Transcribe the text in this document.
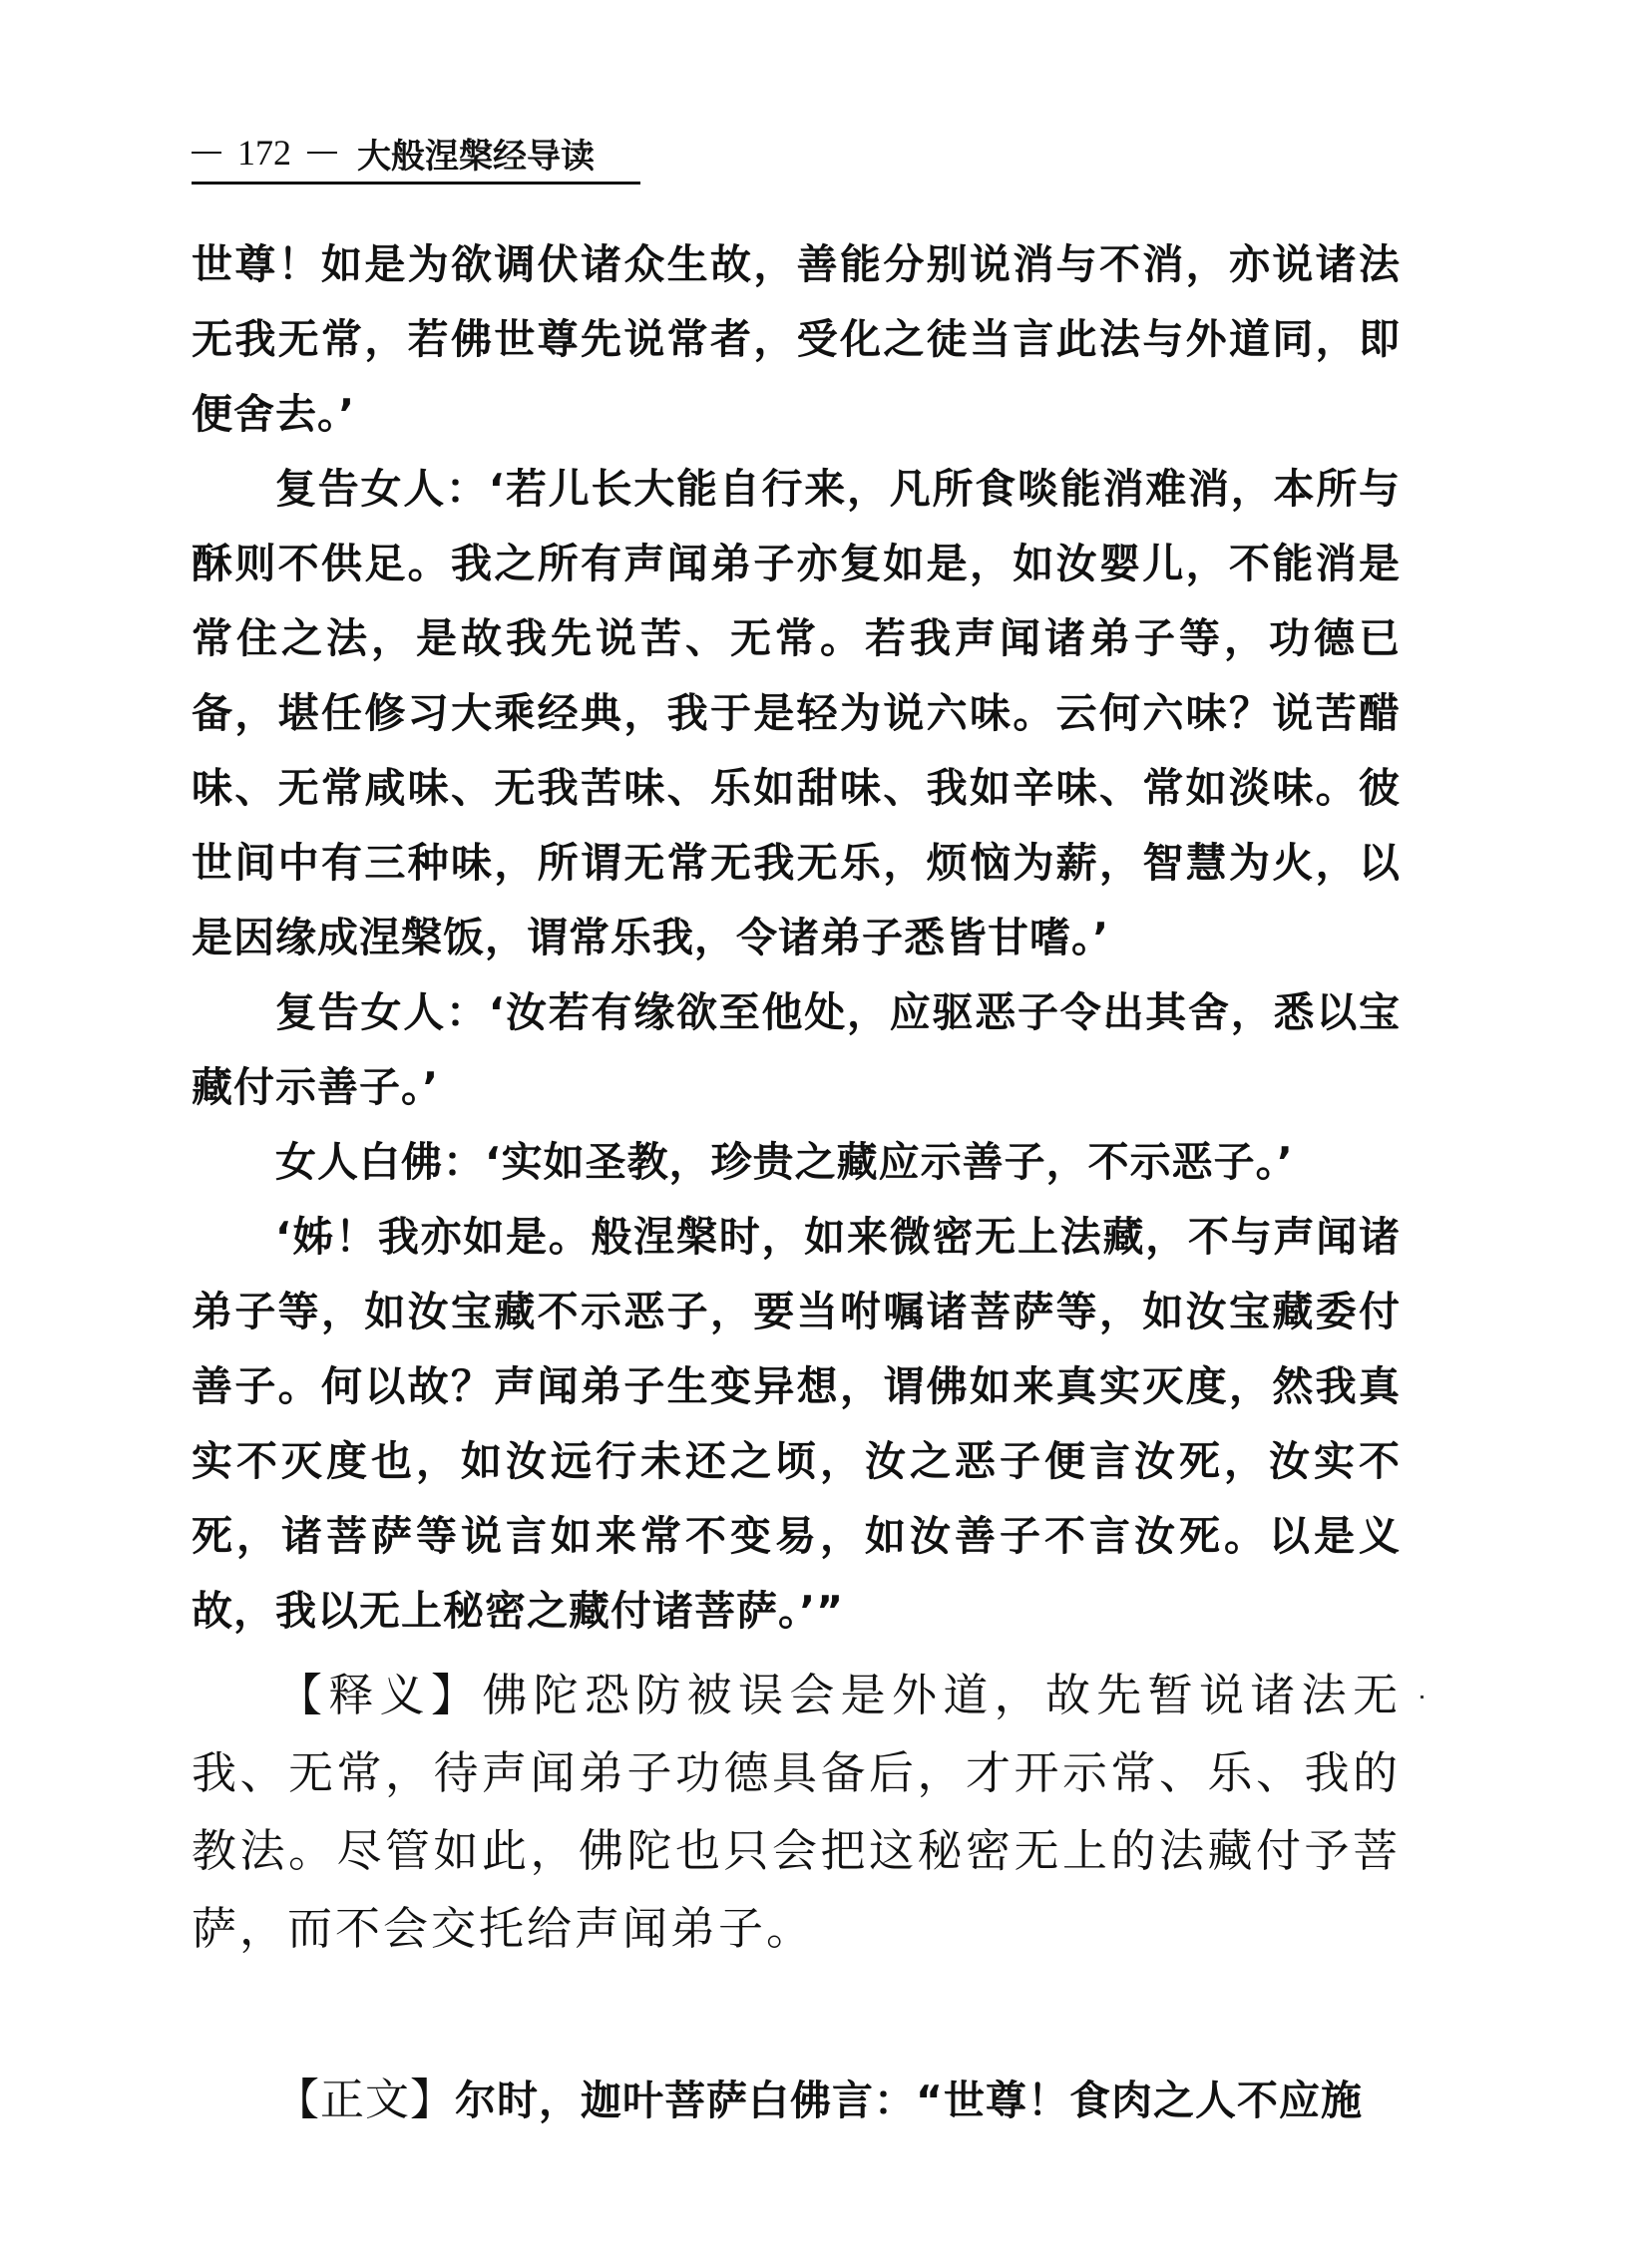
172 大般涅槃经导读

世尊！如是为欲调伏诸众生故，善能分别说消与不消，亦说诸法无我无常，若佛世尊先说常者，受化之徒当言此法与外道同，即便舍去。’

复告女人：‘若儿长大能自行来，凡所食啖能消难消，本所与酥则不供足。我之所有声闻弟子亦复如是，如汝婴儿，不能消是常住之法，是故我先说苦、无常。若我声闻诸弟子等，功德已备，堪任修习大乘经典，我于是轻为说六味。云何六味？说苦醋味、无常咸味、无我苦味、乐如甜味、我如辛味、常如淡味。彼世间中有三种味，所谓无常无我无乐，烦恼为薪，智慧为火，以是因缘成涅槃饭，谓常乐我，令诸弟子悉皆甘嗜。’

复告女人：‘汝若有缘欲至他处，应驱恶子令出其舍，悉以宝藏付示善子。’

女人白佛：‘实如圣教，珍贵之藏应示善子，不示恶子。’

‘姊！我亦如是。般涅槃时，如来微密无上法藏，不与声闻诸弟子等，如汝宝藏不示恶子，要当咐嘱诸菩萨等，如汝宝藏委付善子。何以故？声闻弟子生变异想，谓佛如来真实灭度，然我真实不灭度也，如汝远行未还之顷，汝之恶子便言汝死，汝实不死，诸菩萨等说言如来常不变易，如汝善子不言汝死。以是义故，我以无上秘密之藏付诸菩萨。’”

【释义】佛陀恐防被误会是外道，故先暂说诸法无我、无常，待声闻弟子功德具备后，才开示常、乐、我的教法。尽管如此，佛陀也只会把这秘密无上的法藏付予菩萨，而不会交托给声闻弟子。

【正文】尔时，迦叶菩萨白佛言：“世尊！食肉之人不应施
